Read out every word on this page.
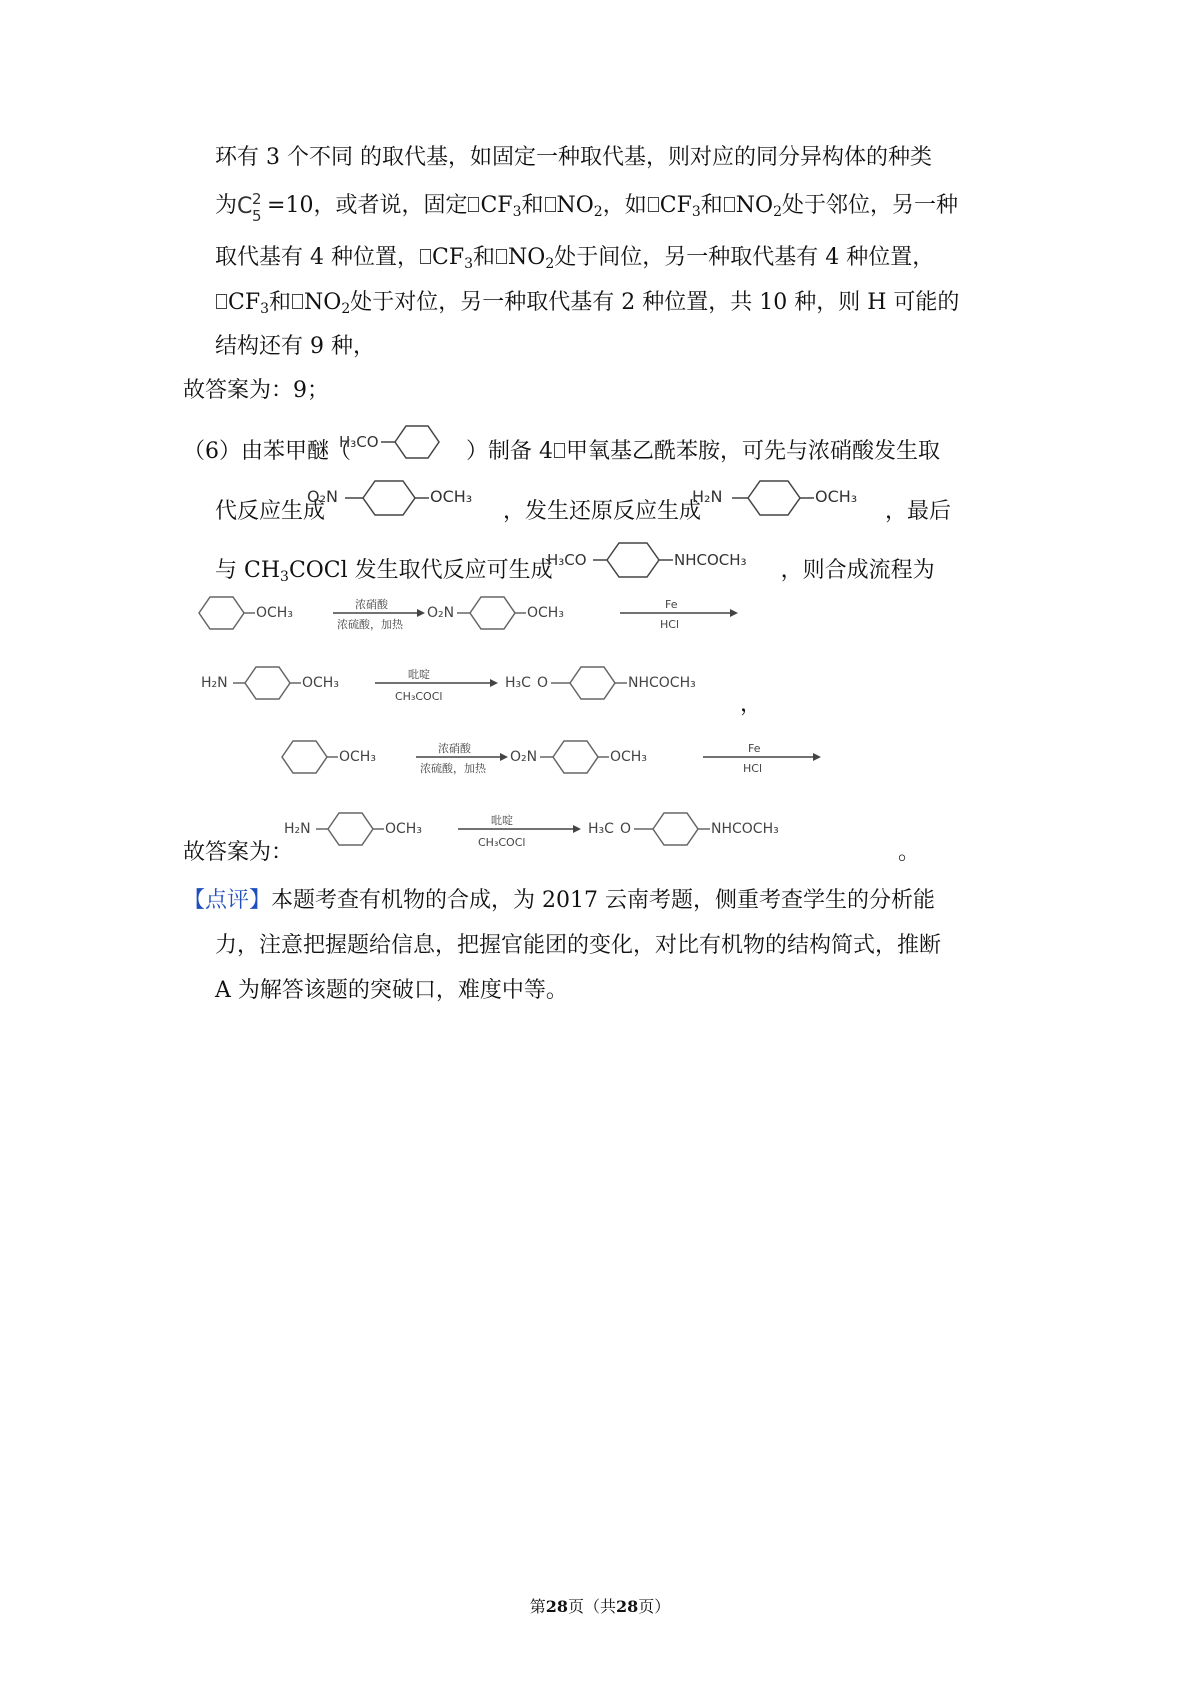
环有 3 个不同 的取代基，如固定一种取代基，则对应的同分异构体的种类
为 C 2
5 =10，或者说，固定 $CF_3$和 $NO_2$，如 $CF_3$和 $NO_2$处于邻位，另一种
取代基有 4 种位置， $CF_3$和 $NO_2$处于间位，另一种取代基有 4 种位置，
$CF_3$和 $NO_2$处于对位，另一种取代基有 2 种位置，共 10 种，则 H 可能的
结构还有 9 种，
故答案为：9；
（6）由苯甲醚（	）制备 4 甲氧基乙酰苯胺，可先与浓硝酸发生取
代反应生成	，发生还原反应生成	，最后
与 $CH_3COCl$ 发生取代反应可生成	，则合成流程为
H₃CO
O₂N	OCH₃	H₂N	OCH₃
H₃CO	NHCOCH₃
OCH₃
浓硝酸
浓硫酸，加热
O₂N	OCH₃
Fe
HCl
H₂N	OCH₃
吡啶
CH₃COCl
H₃C O	NHCOCH₃
，
OCH₃
浓硝酸
浓硫酸，加热
O₂N	OCH₃
Fe
HCl
H₂N	OCH₃
吡啶
CH₃COCl
H₃C O	NHCOCH₃
故答案为：	。
【点评】本题考查有机物的合成，为 2017 云南考题，侧重考查学生的分析能
力，注意把握题给信息，把握官能团的变化，对比有机物的结构简式，推断
A 为解答该题的突破口，难度中等。
第28页（共28页）
